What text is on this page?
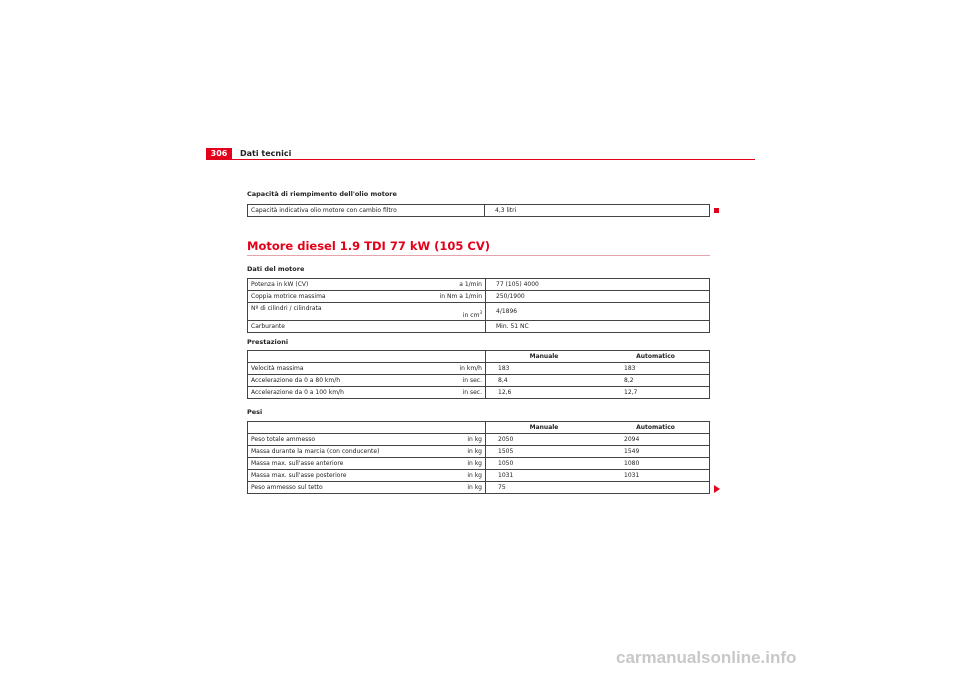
306	Dati tecnici
Capacità di riempimento dell'olio motore
Capacità indicativa olio motore con cambio filtro	4,3 litri
Motore diesel 1.9 TDI 77 kW (105 CV)
Dati del motore
Potenza in kW (CV)	a 1/min	77 (105) 4000
Coppia motrice massima	in Nm a 1/min	250/1900
Nº di cilindri / cilindrata	in $cm^3$	4/1896
Carburante		Min. 51 NC
Prestazioni
		Manuale	Automatico
Velocità massima	in km/h	183	183
Accelerazione da 0 a 80 km/h	in sec.	8,4	8,2
Accelerazione da 0 a 100 km/h	in sec.	12,6	12,7
Pesi
		Manuale	Automatico
Peso totale ammesso	in kg	2050	2094
Massa durante la marcia (con conducente)	in kg	1505	1549
Massa max. sull'asse anteriore	in kg	1050	1080
Massa max. sull'asse posteriore	in kg	1031	1031
Peso ammesso sul tetto	in kg	75	
carmanualsonline.info
